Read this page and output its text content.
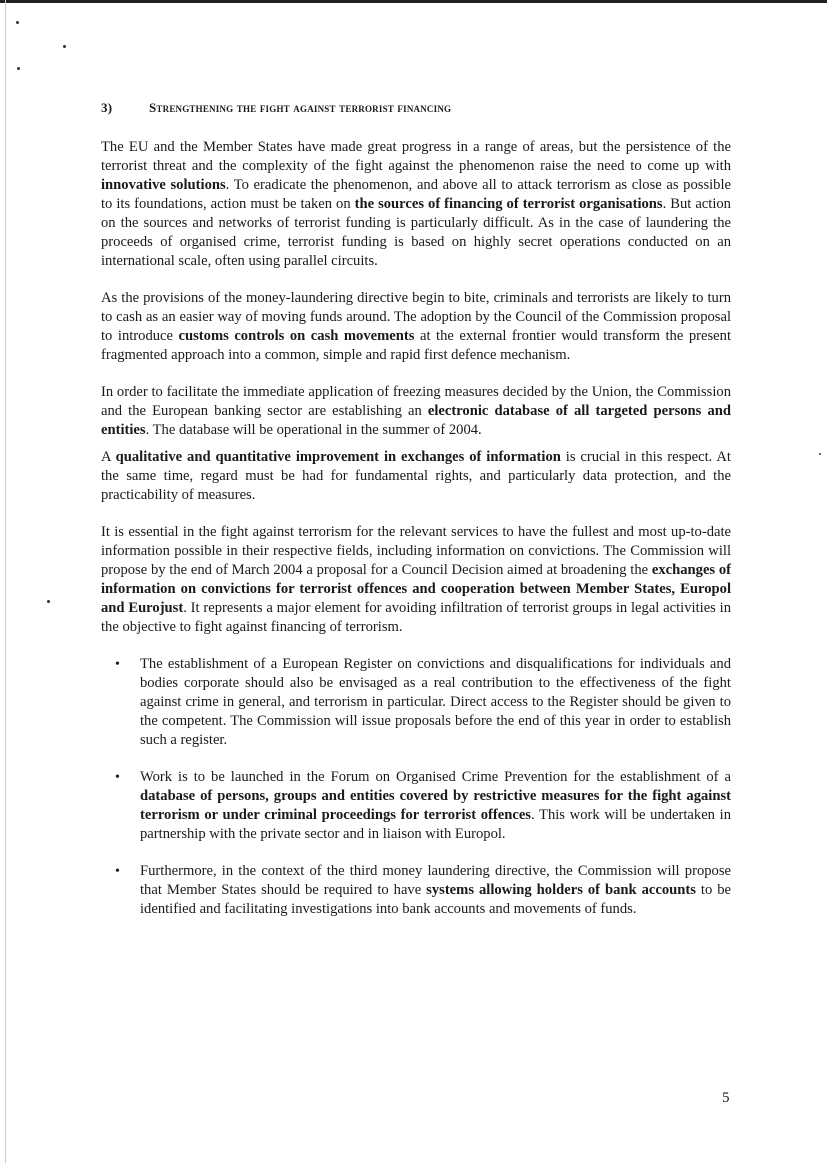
3)	Strengthening the fight against terrorist financing

The EU and the Member States have made great progress in a range of areas, but the persistence of the terrorist threat and the complexity of the fight against the phenomenon raise the need to come up with innovative solutions. To eradicate the phenomenon, and above all to attack terrorism as close as possible to its foundations, action must be taken on the sources of financing of terrorist organisations. But action on the sources and networks of terrorist funding is particularly difficult. As in the case of laundering the proceeds of organised crime, terrorist funding is based on highly secret operations conducted on an international scale, often using parallel circuits.

As the provisions of the money-laundering directive begin to bite, criminals and terrorists are likely to turn to cash as an easier way of moving funds around. The adoption by the Council of the Commission proposal to introduce customs controls on cash movements at the external frontier would transform the present fragmented approach into a common, simple and rapid first defence mechanism.

In order to facilitate the immediate application of freezing measures decided by the Union, the Commission and the European banking sector are establishing an electronic database of all targeted persons and entities. The database will be operational in the summer of 2004.

A qualitative and quantitative improvement in exchanges of information is crucial in this respect. At the same time, regard must be had for fundamental rights, and particularly data protection, and the practicability of measures.

It is essential in the fight against terrorism for the relevant services to have the fullest and most up-to-date information possible in their respective fields, including information on convictions. The Commission will propose by the end of March 2004 a proposal for a Council Decision aimed at broadening the exchanges of information on convictions for terrorist offences and cooperation between Member States, Europol and Eurojust. It represents a major element for avoiding infiltration of terrorist groups in legal activities in the objective to fight against financing of terrorism.

• The establishment of a European Register on convictions and disqualifications for individuals and bodies corporate should also be envisaged as a real contribution to the effectiveness of the fight against crime in general, and terrorism in particular. Direct access to the Register should be given to the competent. The Commission will issue proposals before the end of this year in order to establish such a register.
• Work is to be launched in the Forum on Organised Crime Prevention for the establishment of a database of persons, groups and entities covered by restrictive measures for the fight against terrorism or under criminal proceedings for terrorist offences. This work will be undertaken in partnership with the private sector and in liaison with Europol.
• Furthermore, in the context of the third money laundering directive, the Commission will propose that Member States should be required to have systems allowing holders of bank accounts to be identified and facilitating investigations into bank accounts and movements of funds.
5
